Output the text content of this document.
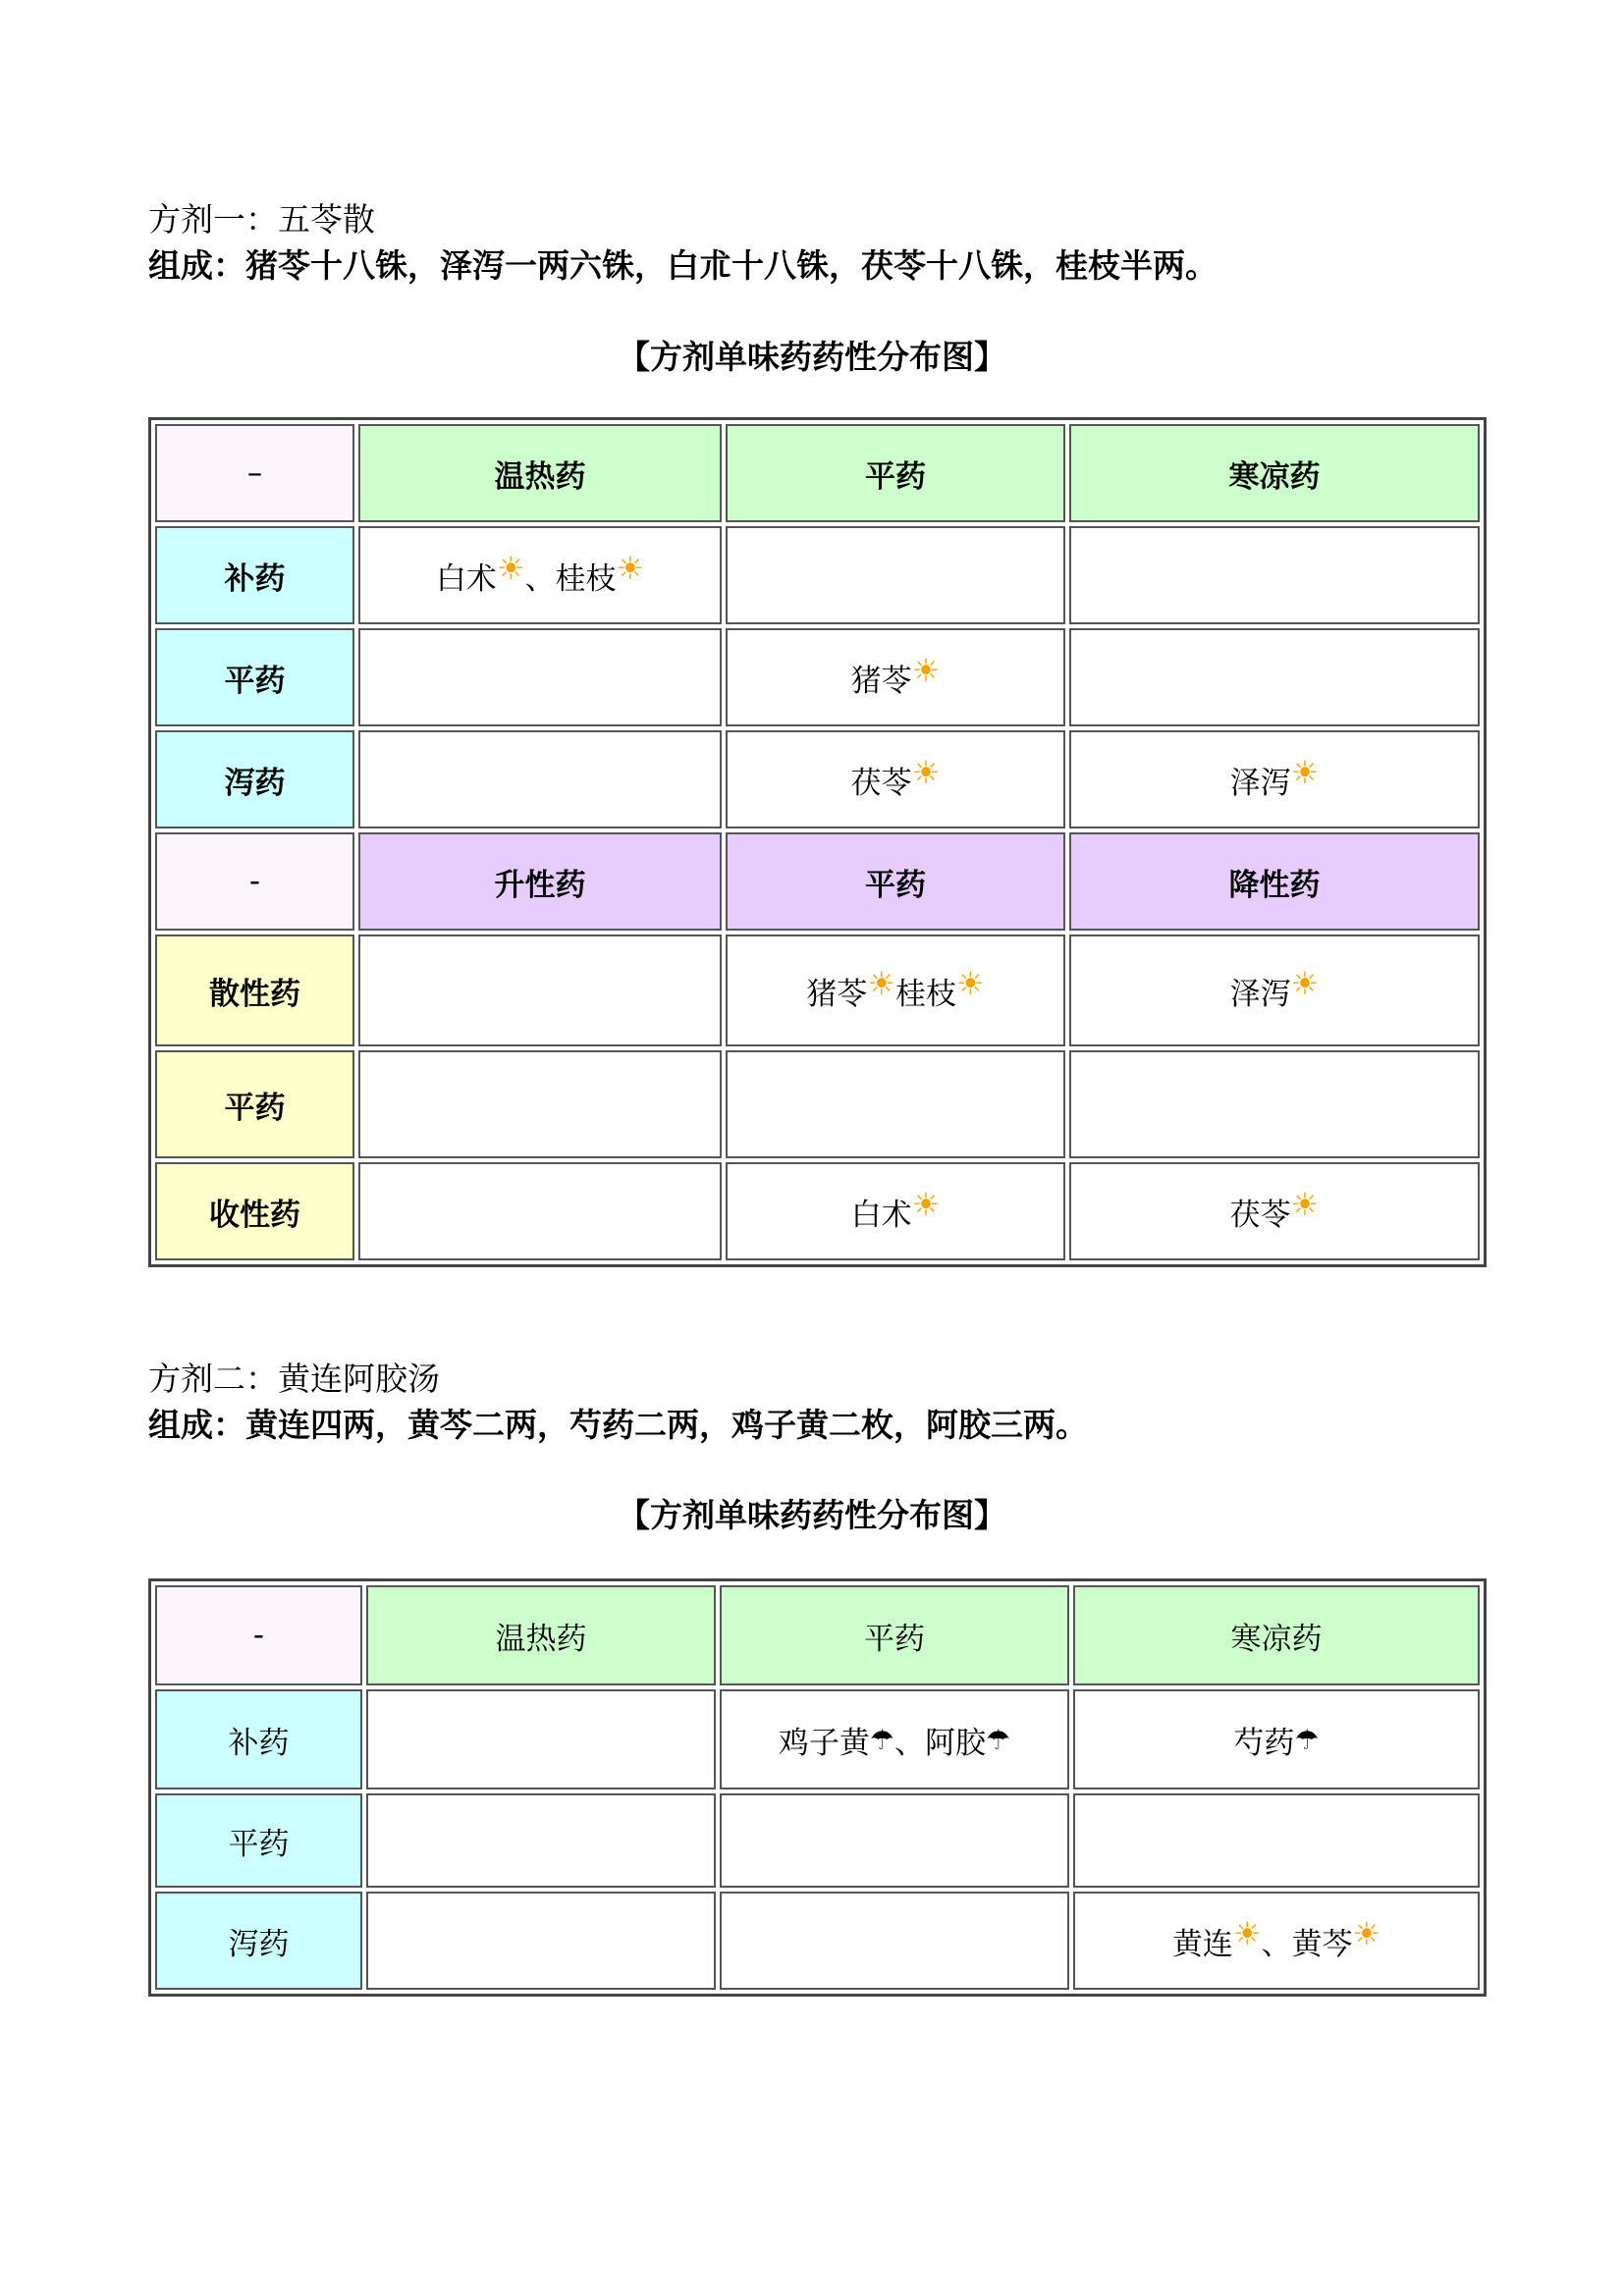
方剂一：五苓散
组成：猪苓十八铢，泽泻一两六铢，白朮十八铢，茯苓十八铢，桂枝半两。
【方剂单味药药性分布图】
–	温热药	平药	寒凉药
补药	白术☀、桂枝☀		
平药		猪苓☀	
泻药		茯苓☀	泽泻☀
-	升性药	平药	降性药
散性药		猪苓☀桂枝☀	泽泻☀
平药			
收性药		白术☀	茯苓☀
方剂二：黄连阿胶汤
组成：黄连四两，黄芩二两，芍药二两，鸡子黄二枚，阿胶三两。
【方剂单味药药性分布图】
-	温热药	平药	寒凉药
补药		鸡子黄☂、阿胶☂	芍药☂
平药			
泻药			黄连☀、黄芩☀
